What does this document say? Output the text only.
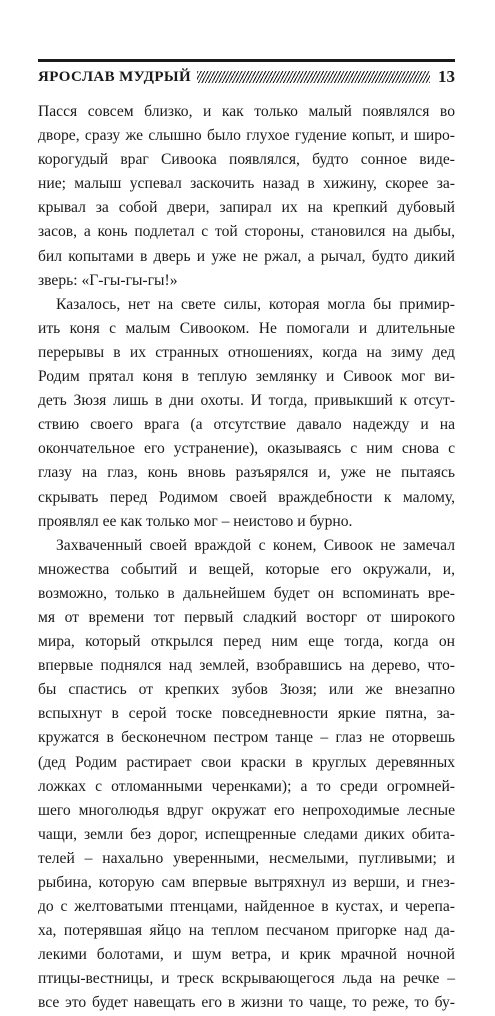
ЯРОСЛАВ МУДРЫЙ	13
Пасся совсем близко, и как только малый появлялся во
дворе, сразу же слышно было глухое гудение копыт, и широ-
корогудый враг Сивоока появлялся, будто сонное виде-
ние; малыш успевал заскочить назад в хижину, скорее за-
крывал за собой двери, запирал их на крепкий дубовый
засов, а конь подлетал с той стороны, становился на дыбы,
бил копытами в дверь и уже не ржал, а рычал, будто дикий
зверь: «Г-гы-гы-гы!»
Казалось, нет на свете силы, которая могла бы примир-
ить коня с малым Сивооком. Не помогали и длительные
перерывы в их странных отношениях, когда на зиму дед
Родим прятал коня в теплую землянку и Сивоок мог ви-
деть Зюзя лишь в дни охоты. И тогда, привыкший к отсут-
ствию своего врага (а отсутствие давало надежду и на
окончательное его устранение), оказываясь с ним снова с
глазу на глаз, конь вновь разъярялся и, уже не пытаясь
скрывать перед Родимом своей враждебности к малому,
проявлял ее как только мог – неистово и бурно.
Захваченный своей враждой с конем, Сивоок не замечал
множества событий и вещей, которые его окружали, и,
возможно, только в дальнейшем будет он вспоминать вре-
мя от времени тот первый сладкий восторг от широкого
мира, который открылся перед ним еще тогда, когда он
впервые поднялся над землей, взобравшись на дерево, что-
бы спастись от крепких зубов Зюзя; или же внезапно
вспыхнут в серой тоске повседневности яркие пятна, за-
кружатся в бесконечном пестром танце – глаз не оторвешь
(дед Родим растирает свои краски в круглых деревянных
ложках с отломанными черенками); а то среди огромней-
шего многолюдья вдруг окружат его непроходимые лесные
чащи, земли без дорог, испещренные следами диких обита-
телей – нахально уверенными, несмелыми, пугливыми; и
рыбина, которую сам впервые вытряхнул из верши, и гнез-
до с желтоватыми птенцами, найденное в кустах, и черепа-
ха, потерявшая яйцо на теплом песчаном пригорке над да-
лекими болотами, и шум ветра, и крик мрачной ночной
птицы-вестницы, и треск вскрывающегося льда на речке –
все это будет навещать его в жизни то чаще, то реже, то бу-
